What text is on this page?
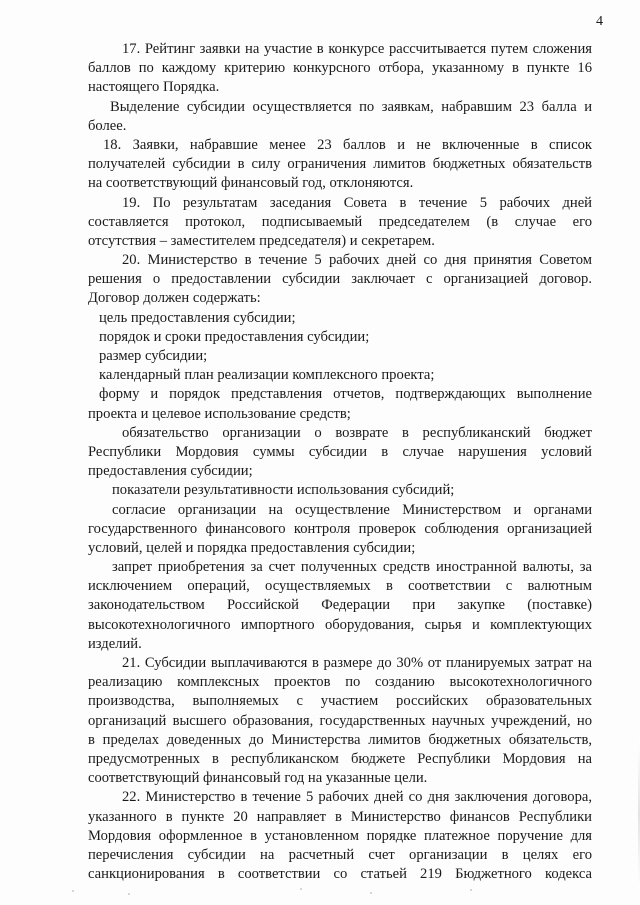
4
17. Рейтинг заявки на участие в конкурсе рассчитывается путем сложения
баллов по каждому критерию конкурсного отбора, указанному в пункте 16
настоящего Порядка.
Выделение субсидии осуществляется по заявкам, набравшим 23 балла и
более.
18. Заявки, набравшие менее 23 баллов и не включенные в список
получателей субсидии в силу ограничения лимитов бюджетных обязательств
на соответствующий финансовый год, отклоняются.
19. По результатам заседания Совета в течение 5 рабочих дней
составляется протокол, подписываемый председателем (в случае его
отсутствия – заместителем председателя) и секретарем.
20. Министерство в течение 5 рабочих дней со дня принятия Советом
решения о предоставлении субсидии заключает с организацией договор.
Договор должен содержать:
цель предоставления субсидии;
порядок и сроки предоставления субсидии;
размер субсидии;
календарный план реализации комплексного проекта;
форму и порядок представления отчетов, подтверждающих выполнение
проекта и целевое использование средств;
обязательство организации о возврате в республиканский бюджет
Республики Мордовия суммы субсидии в случае нарушения условий
предоставления субсидии;
показатели результативности использования субсидий;
согласие организации на осуществление Министерством и органами
государственного финансового контроля проверок соблюдения организацией
условий, целей и порядка предоставления субсидии;
запрет приобретения за счет полученных средств иностранной валюты, за
исключением операций, осуществляемых в соответствии с валютным
законодательством Российской Федерации при закупке (поставке)
высокотехнологичного импортного оборудования, сырья и комплектующих
изделий.
21. Субсидии выплачиваются в размере до 30% от планируемых затрат на
реализацию комплексных проектов по созданию высокотехнологичного
производства, выполняемых с участием российских образовательных
организаций высшего образования, государственных научных учреждений, но
в пределах доведенных до Министерства лимитов бюджетных обязательств,
предусмотренных в республиканском бюджете Республики Мордовия на
соответствующий финансовый год на указанные цели.
22. Министерство в течение 5 рабочих дней со дня заключения договора,
указанного в пункте 20 направляет в Министерство финансов Республики
Мордовия оформленное в установленном порядке платежное поручение для
перечисления субсидии на расчетный счет организации в целях его
санкционирования в соответствии со статьей 219 Бюджетного кодекса
